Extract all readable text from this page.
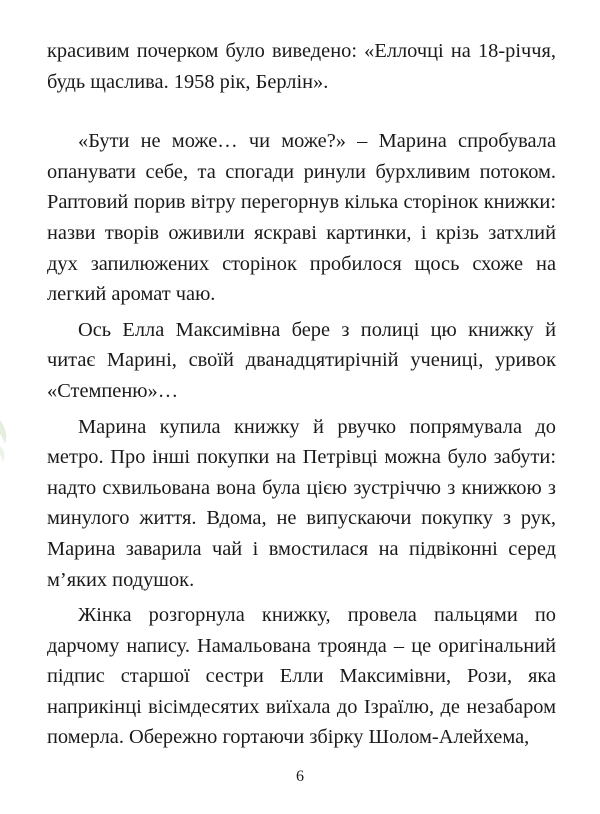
красивим почерком було виведено: «Еллочці на 18-річчя, будь щаслива. 1958 рік, Берлін».

«Бути не може… чи може?» – Марина спробувала опанувати себе, та спогади ринули бурхливим потоком. Раптовий порив вітру перегорнув кілька сторінок книжки: назви творів оживили яскраві картинки, і крізь затхлий дух запилюжених сторінок пробилося щось схоже на легкий аромат чаю.

Ось Елла Максимівна бере з полиці цю книжку й читає Марині, своїй дванадцятирічній учениці, уривок «Стемпеню»…

Марина купила книжку й рвучко попрямувала до метро. Про інші покупки на Петрівці можна було забути: надто схвильована вона була цією зустріччю з книжкою з минулого життя. Вдома, не випускаючи покупку з рук, Марина заварила чай і вмостилася на підвіконні серед м’яких подушок.

Жінка розгорнула книжку, провела пальцями по дарчому напису. Намальована троянда – це оригінальний підпис старшої сестри Елли Максимівни, Рози, яка наприкінці вісімдесятих виїхала до Ізраїлю, де незабаром померла. Обережно гортаючи збірку Шолом-Алейхема,

6
